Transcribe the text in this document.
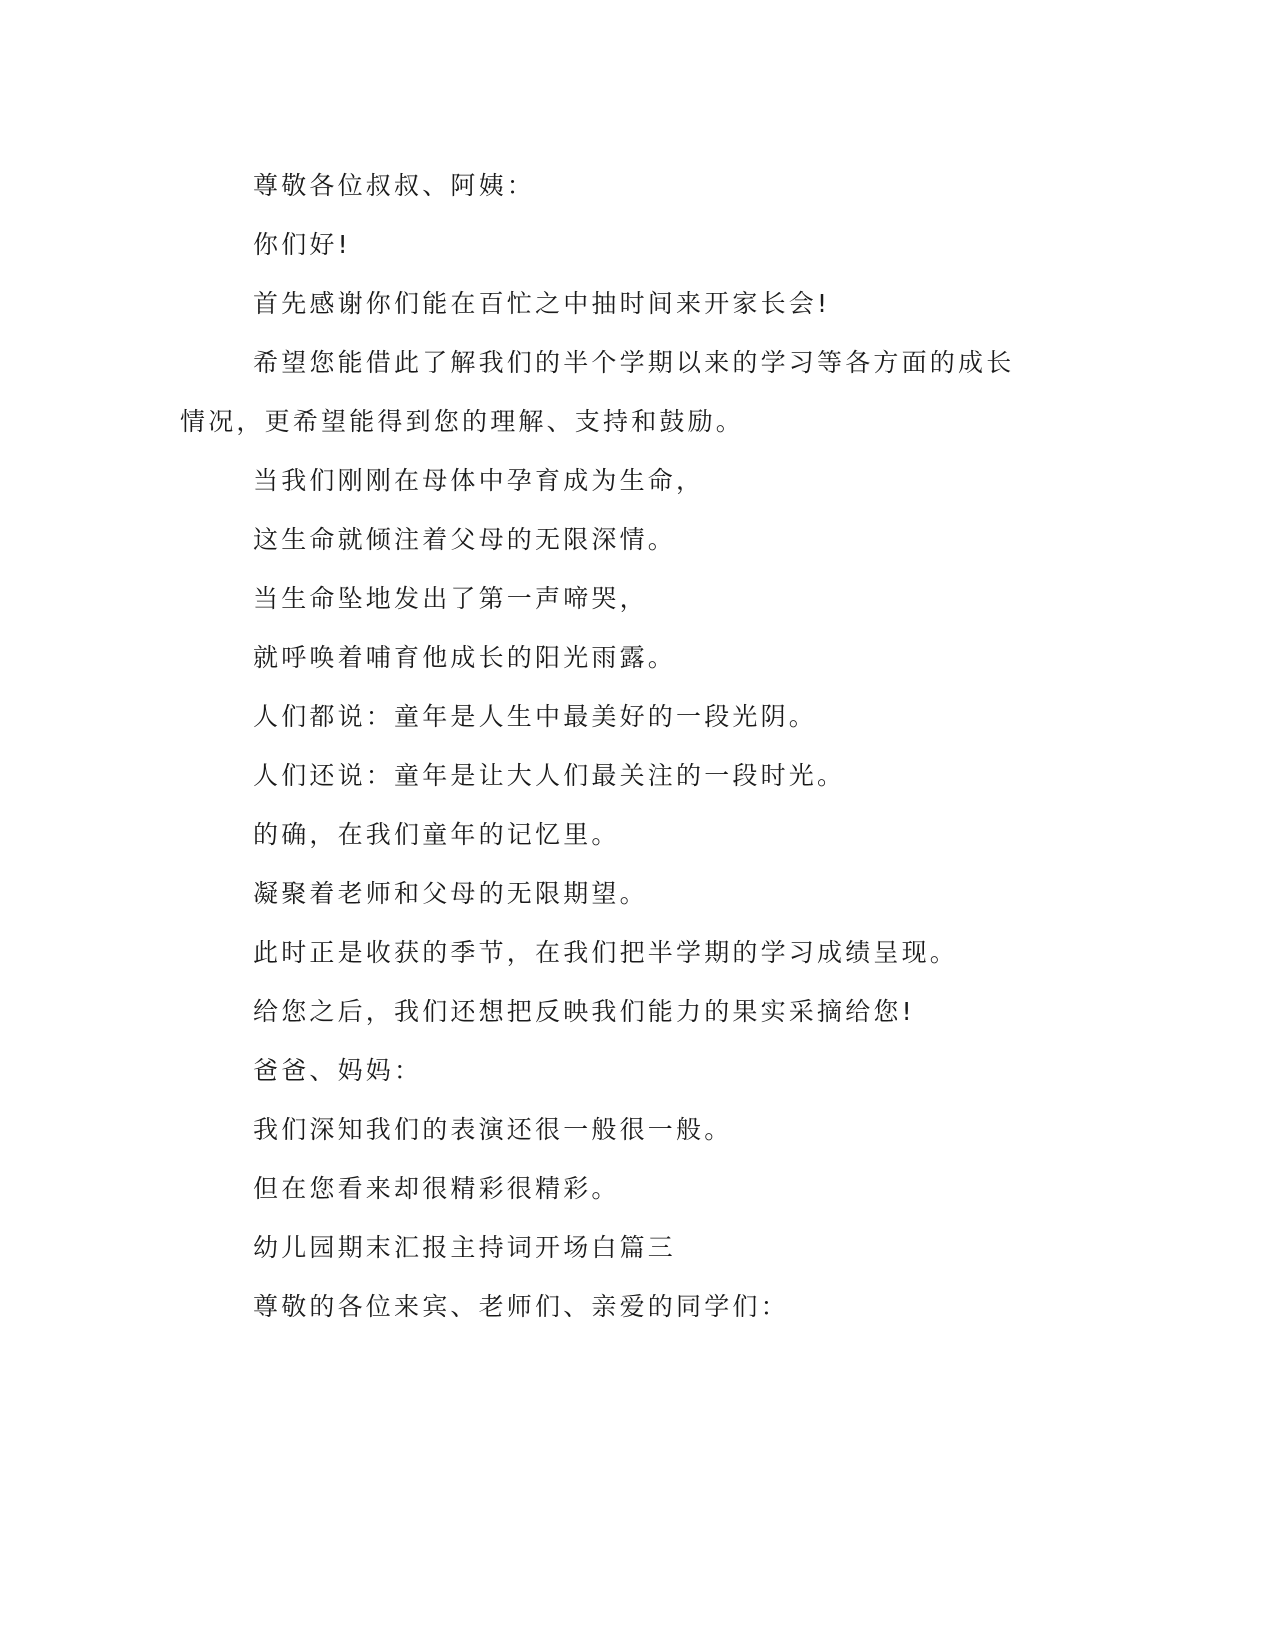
尊敬各位叔叔、阿姨：

你们好!

首先感谢你们能在百忙之中抽时间来开家长会!

希望您能借此了解我们的半个学期以来的学习等各方面的成长情况，更希望能得到您的理解、支持和鼓励。

当我们刚刚在母体中孕育成为生命，

这生命就倾注着父母的无限深情。

当生命坠地发出了第一声啼哭，

就呼唤着哺育他成长的阳光雨露。

人们都说：童年是人生中最美好的一段光阴。

人们还说：童年是让大人们最关注的一段时光。

的确，在我们童年的记忆里。

凝聚着老师和父母的无限期望。

此时正是收获的季节，在我们把半学期的学习成绩呈现。

给您之后，我们还想把反映我们能力的果实采摘给您!

爸爸、妈妈：

我们深知我们的表演还很一般很一般。

但在您看来却很精彩很精彩。

幼儿园期末汇报主持词开场白篇三

尊敬的各位来宾、老师们、亲爱的同学们：
